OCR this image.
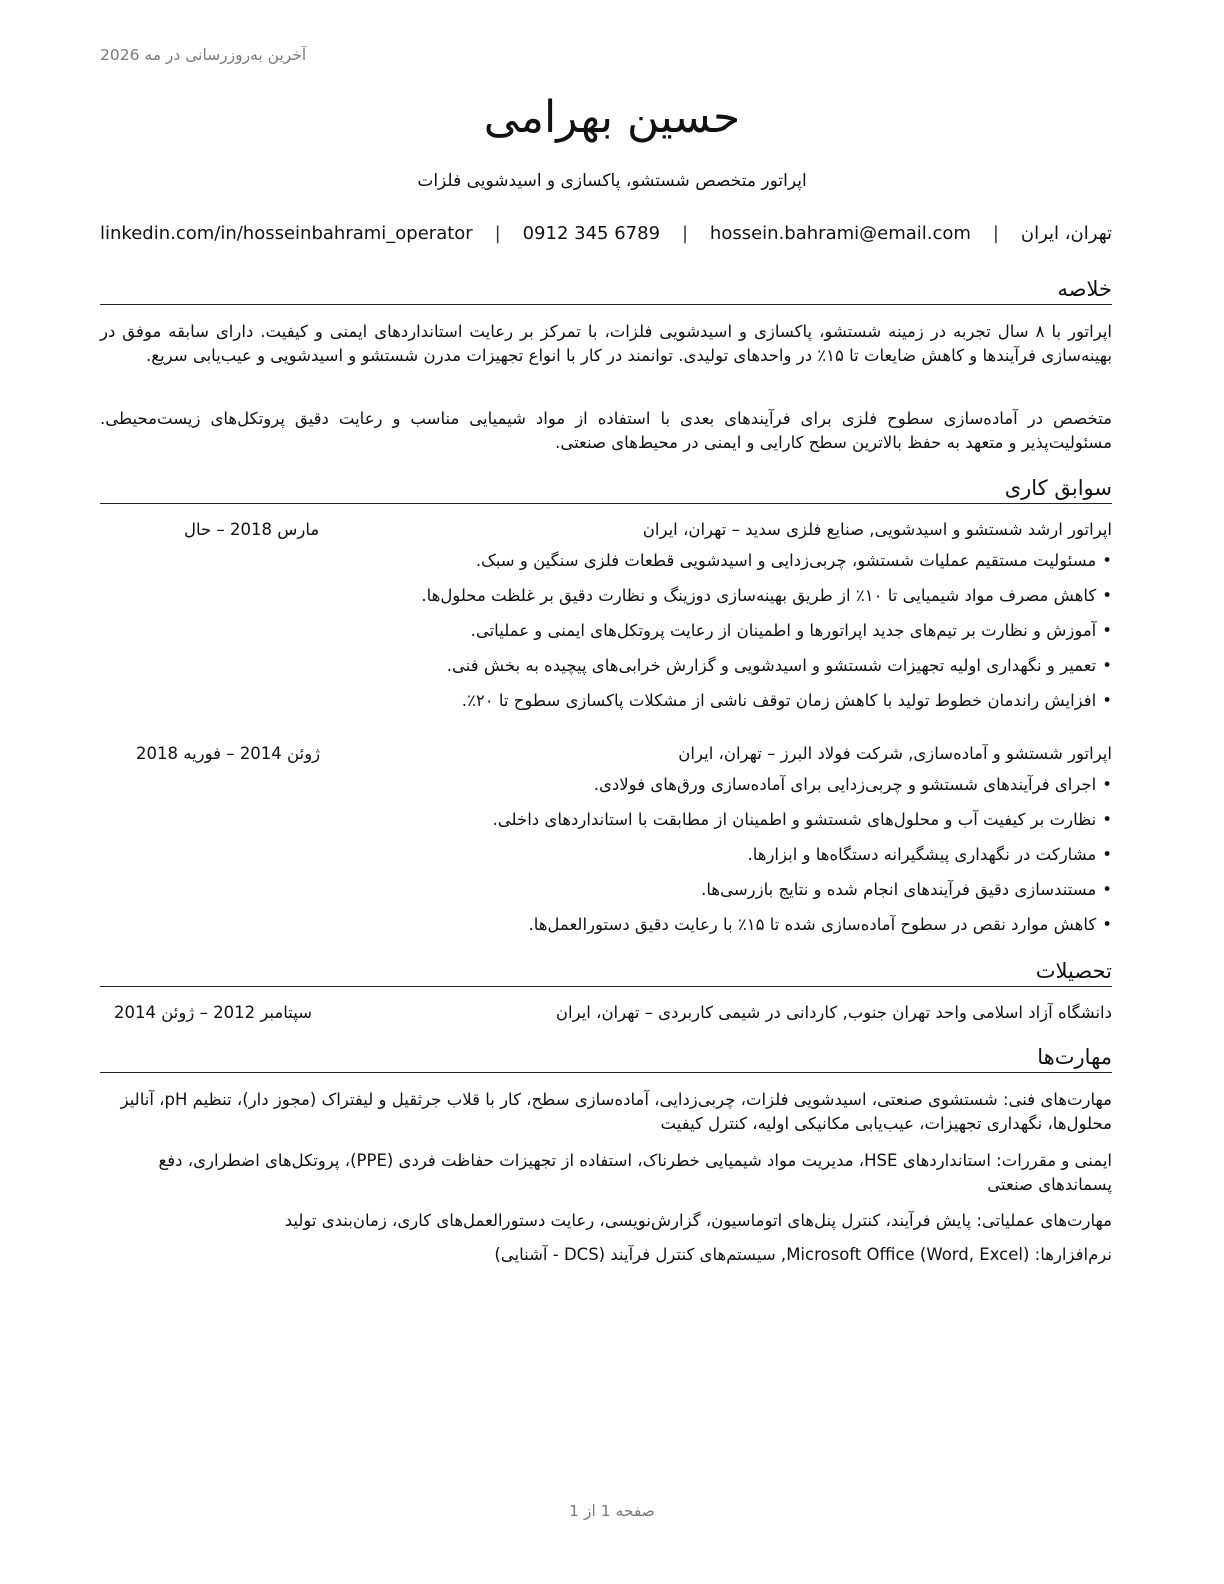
آخرین به‌روزرسانی در مه 2026
حسین بهرامی
اپراتور متخصص شستشو، پاکسازی و اسیدشویی فلزات
تهران، ایران
|
hossein.bahrami@email.com
|
0912 345 6789
|
linkedin.com/in/hosseinbahrami_operator
خلاصه
اپراتور با ۸ سال تجربه در زمینه شستشو، پاکسازی و اسیدشویی فلزات، با تمرکز بر رعایت استانداردهای ایمنی و کیفیت. دارای سابقه موفق در بهینه‌سازی فرآیندها و کاهش ضایعات تا ۱۵٪ در واحدهای تولیدی. توانمند در کار با انواع تجهیزات مدرن شستشو و اسیدشویی و عیب‌یابی سریع.
متخصص در آماده‌سازی سطوح فلزی برای فرآیندهای بعدی با استفاده از مواد شیمیایی مناسب و رعایت دقیق پروتکل‌های زیست‌محیطی. مسئولیت‌پذیر و متعهد به حفظ بالاترین سطح کارایی و ایمنی در محیط‌های صنعتی.
سوابق کاری
اپراتور ارشد شستشو و اسیدشویی, صنایع فلزی سدید – تهران، ایران
مارس 2018 – حال
• مسئولیت مستقیم عملیات شستشو، چربی‌زدایی و اسیدشویی قطعات فلزی سنگین و سبک.
• کاهش مصرف مواد شیمیایی تا ۱۰٪ از طریق بهینه‌سازی دوزینگ و نظارت دقیق بر غلظت محلول‌ها.
• آموزش و نظارت بر تیم‌های جدید اپراتورها و اطمینان از رعایت پروتکل‌های ایمنی و عملیاتی.
• تعمیر و نگهداری اولیه تجهیزات شستشو و اسیدشویی و گزارش خرابی‌های پیچیده به بخش فنی.
• افزایش راندمان خطوط تولید با کاهش زمان توقف ناشی از مشکلات پاکسازی سطوح تا ۲۰٪.
اپراتور شستشو و آماده‌سازی, شرکت فولاد البرز – تهران، ایران
ژوئن 2014 – فوریه 2018
• اجرای فرآیندهای شستشو و چربی‌زدایی برای آماده‌سازی ورق‌های فولادی.
• نظارت بر کیفیت آب و محلول‌های شستشو و اطمینان از مطابقت با استانداردهای داخلی.
• مشارکت در نگهداری پیشگیرانه دستگاه‌ها و ابزارها.
• مستندسازی دقیق فرآیندهای انجام شده و نتایج بازرسی‌ها.
• کاهش موارد نقص در سطوح آماده‌سازی شده تا ۱۵٪ با رعایت دقیق دستورالعمل‌ها.
تحصیلات
دانشگاه آزاد اسلامی واحد تهران جنوب, کاردانی در شیمی کاربردی – تهران، ایران
سپتامبر 2012 – ژوئن 2014
مهارت‌ها
مهارت‌های فنی: شستشوی صنعتی، اسیدشویی فلزات، چربی‌زدایی، آماده‌سازی سطح، کار با قلاب جرثقیل و لیفتراک (مجوز دار)، تنظیم pH، آنالیز محلول‌ها، نگهداری تجهیزات، عیب‌یابی مکانیکی اولیه، کنترل کیفیت
ایمنی و مقررات: استانداردهای HSE، مدیریت مواد شیمیایی خطرناک، استفاده از تجهیزات حفاظت فردی (PPE)، پروتکل‌های اضطراری، دفع پسماندهای صنعتی
مهارت‌های عملیاتی: پایش فرآیند، کنترل پنل‌های اتوماسیون، گزارش‌نویسی، رعایت دستورالعمل‌های کاری، زمان‌بندی تولید
نرم‌افزارها: Microsoft Office (Word, Excel), سیستم‌های کنترل فرآیند (DCS - آشنایی)
صفحه 1 از 1
